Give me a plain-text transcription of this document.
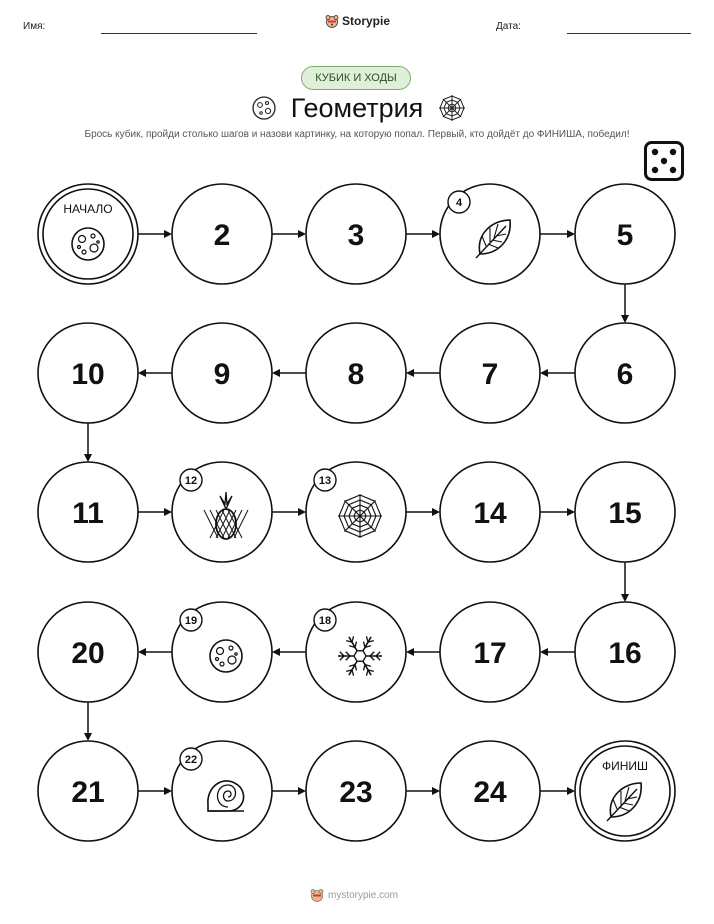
Имя:	Storypie	Дата:
КУБИК И ХОДЫ
Геометрия
Брось кубик, пройди столько шагов и назови картинку, на которую попал. Первый, кто дойдёт до ФИНИША, победил!
НАЧАЛО
2	3
4
5
6
7
8
9
10
11
12	13
14	15
16
17
18
19
20
21
22
23	24
ФИНИШ
mystorypie.com
